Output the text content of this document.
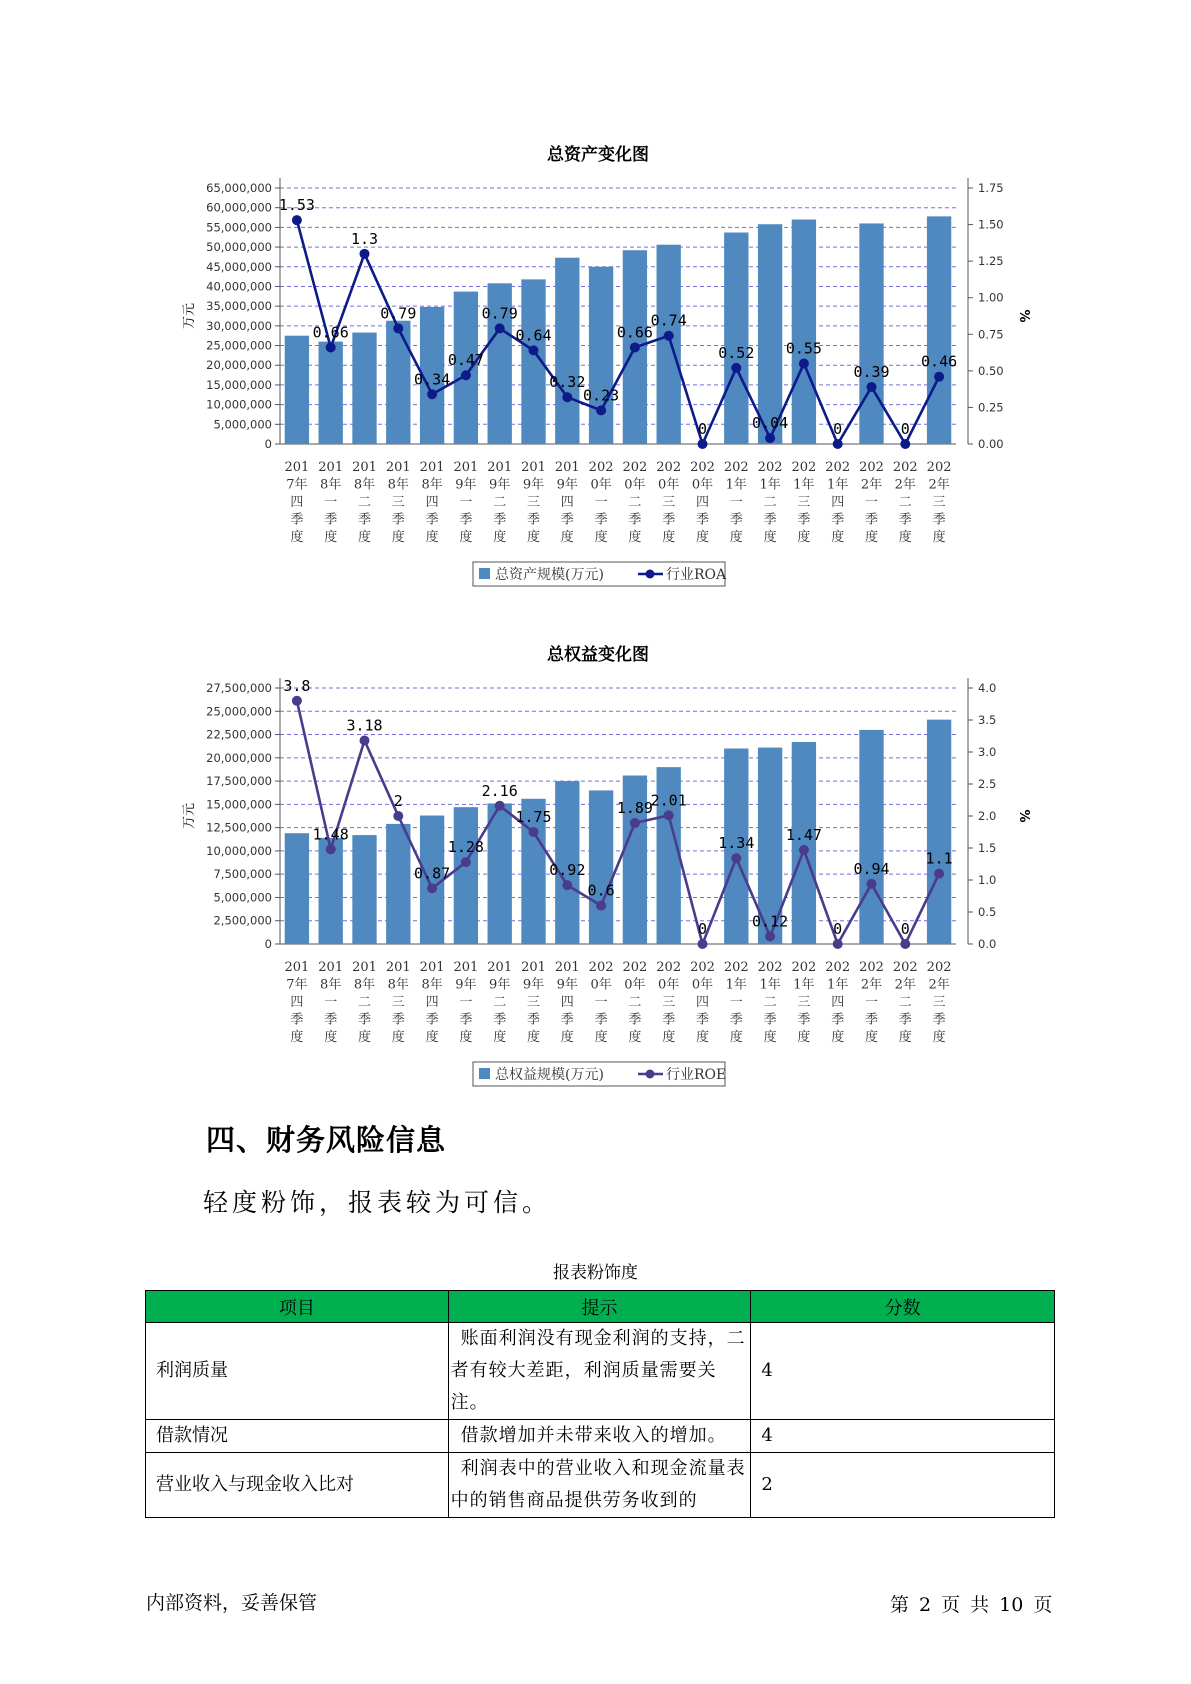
总资产变化图
0
5,000,000
10,000,000
15,000,000
20,000,000
25,000,000
30,000,000
35,000,000
40,000,000
45,000,000
50,000,000
55,000,000
60,000,000
65,000,000
0.00
0.25
0.50
0.75
1.00
1.25
1.50
1.75
万元	%
1.53
0.66
1.3
0.79
0.34
0.47
0.79
0.64
0.32
0.23
0.66
0.74
0
0.52
0.04
0.55
0
0.39
0
0.46
201
7年
四
季
度
201
8年
一
季
度
201
8年
二
季
度
201
8年
三
季
度
201
8年
四
季
度
201
9年
一
季
度
201
9年
二
季
度
201
9年
三
季
度
201
9年
四
季
度
202
0年
一
季
度
202
0年
二
季
度
202
0年
三
季
度
202
0年
四
季
度
202
1年
一
季
度
202
1年
二
季
度
202
1年
三
季
度
202
1年
四
季
度
202
2年
一
季
度
202
2年
二
季
度
202
2年
三
季
度
总资产规模(万元)	行业ROA
总权益变化图
0
2,500,000
5,000,000
7,500,000
10,000,000
12,500,000
15,000,000
17,500,000
20,000,000
22,500,000
25,000,000
27,500,000
0.0
0.5
1.0
1.5
2.0
2.5
3.0
3.5
4.0
万元	%
3.8
1.48
3.18
2
0.87
1.28
2.16
1.75
0.92
0.6
1.89
2.01
0
1.34
0.12
1.47
0
0.94
0
1.1
201
7年
四
季
度
201
8年
一
季
度
201
8年
二
季
度
201
8年
三
季
度
201
8年
四
季
度
201
9年
一
季
度
201
9年
二
季
度
201
9年
三
季
度
201
9年
四
季
度
202
0年
一
季
度
202
0年
二
季
度
202
0年
三
季
度
202
0年
四
季
度
202
1年
一
季
度
202
1年
二
季
度
202
1年
三
季
度
202
1年
四
季
度
202
2年
一
季
度
202
2年
二
季
度
202
2年
三
季
度
总权益规模(万元)	行业ROE
四、财务风险信息
轻度粉饰，报表较为可信。
报表粉饰度
项目	提示	分数
利润质量	账面利润没有现金利润的支持，二者有较大差距，利润质量需要关注。	4
借款情况	借款增加并未带来收入的增加。	4
营业收入与现金收入比对	利润表中的营业收入和现金流量表中的销售商品提供劳务收到的	2
内部资料，妥善保管	第 2 页 共 10 页
